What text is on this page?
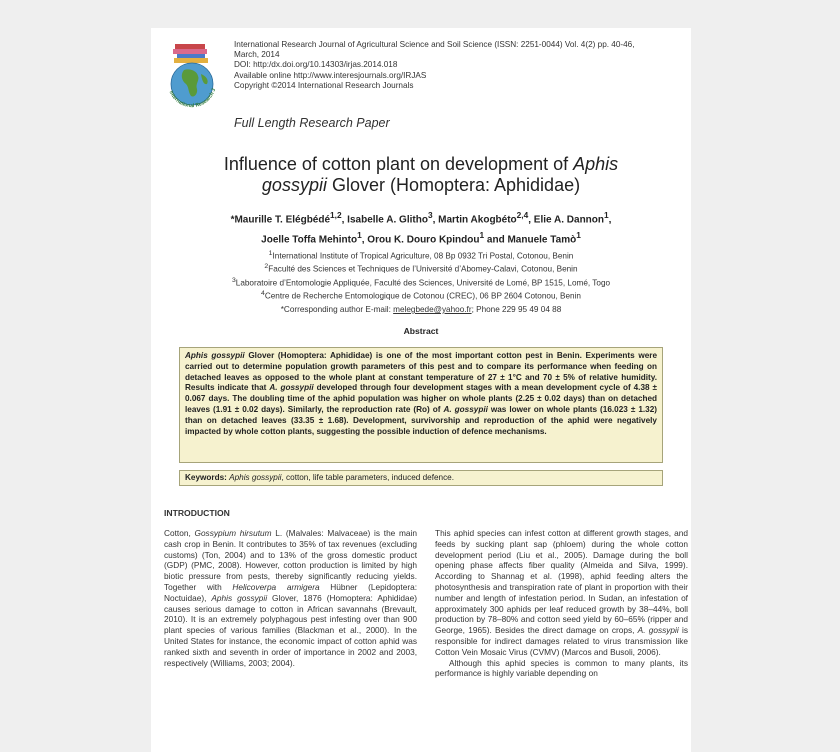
International Research J
International Research Journal of Agricultural Science and Soil Science (ISSN: 2251-0044) Vol. 4(2) pp. 40-46,
March, 2014
DOI: http:/dx.doi.org/10.14303/irjas.2014.018
Available online http://www.interesjournals.org/IRJAS
Copyright ©2014 International Research Journals
Full Length Research Paper
Influence of cotton plant on development of Aphis
gossypii Glover (Homoptera: Aphididae)
*Maurille T. Elégbédé$^{1,2}$, Isabelle A. Glitho$^3$, Martin Akogbéto$^{2,4}$, Elie A. Dannon$^1$,
Joelle Toffa Mehinto$^1$, Orou K. Douro Kpindou$^1$ and Manuele Tamò$^1$
$^1$International Institute of Tropical Agriculture, 08 Bp 0932 Tri Postal, Cotonou, Benin
$^2$Faculté des Sciences et Techniques de l’Université d’Abomey-Calavi, Cotonou, Benin
$^3$Laboratoire d’Entomologie Appliquée, Faculté des Sciences, Université de Lomé, BP 1515, Lomé, Togo
$^4$Centre de Recherche Entomologique de Cotonou (CREC), 06 BP 2604 Cotonou, Benin
*Corresponding author E-mail: melegbede@yahoo.fr; Phone 229 95 49 04 88
Abstract
Aphis gossypii Glover (Homoptera: Aphididae) is one of the most important cotton pest in Benin. Experiments were carried out to determine population growth parameters of this pest and to compare its performance when feeding on detached leaves as opposed to the whole plant at constant temperature of 27 ± 1°C and 70 ± 5% of relative humidity. Results indicate that A. gossypii developed through four development stages with a mean development cycle of 4.38 ± 0.067 days. The doubling time of the aphid population was higher on whole plants (2.25 ± 0.02 days) than on detached leaves (1.91 ± 0.02 days). Similarly, the reproduction rate (Ro) of A. gossypii was lower on whole plants (16.023 ± 1.32) than on detached leaves (33.35 ± 1.68). Development, survivorship and reproduction of the aphid were negatively impacted by whole cotton plants, suggesting the possible induction of defence mechanisms.
Keywords: Aphis gossypii, cotton, life table parameters, induced defence.
INTRODUCTION
Cotton, Gossypium hirsutum L. (Malvales: Malvaceae) is the main cash crop in Benin. It contributes to 35% of tax revenues (excluding customs) (Ton, 2004) and to 13% of the gross domestic product (GDP) (PMC, 2008). However, cotton production is limited by high biotic pressure from pests, thereby significantly reducing yields. Together with Helicoverpa armigera Hübner (Lepidoptera: Noctuidae), Aphis gossypii Glover, 1876 (Homoptera: Aphididae) causes serious damage to cotton in African savannahs (Brevault, 2010). It is an extremely polyphagous pest infesting over than 900 plant species of various families (Blackman et al., 2000). In the United States for instance, the economic impact of cotton aphid was ranked sixth and seventh in order of importance in 2002 and 2003, respectively (Williams, 2003; 2004).
This aphid species can infest cotton at different growth stages, and feeds by sucking plant sap (phloem) during the whole cotton development period (Liu et al., 2005). Damage during the boll opening phase affects fiber quality (Almeida and Silva, 1999). According to Shannag et al. (1998), aphid feeding alters the photosynthesis and transpiration rate of plant in proportion with their number and length of infestation period. In Sudan, an infestation of approximately 300 aphids per leaf reduced growth by 38–44%, boll production by 78–80% and cotton seed yield by 60–65% (ripper and George, 1965). Besides the direct damage on crops, A. gossypii is responsible for indirect damages related to virus transmission like Cotton Vein Mosaic Virus (CVMV) (Marcos and Busoli, 2006).
Although this aphid species is common to many plants, its performance is highly variable depending on
